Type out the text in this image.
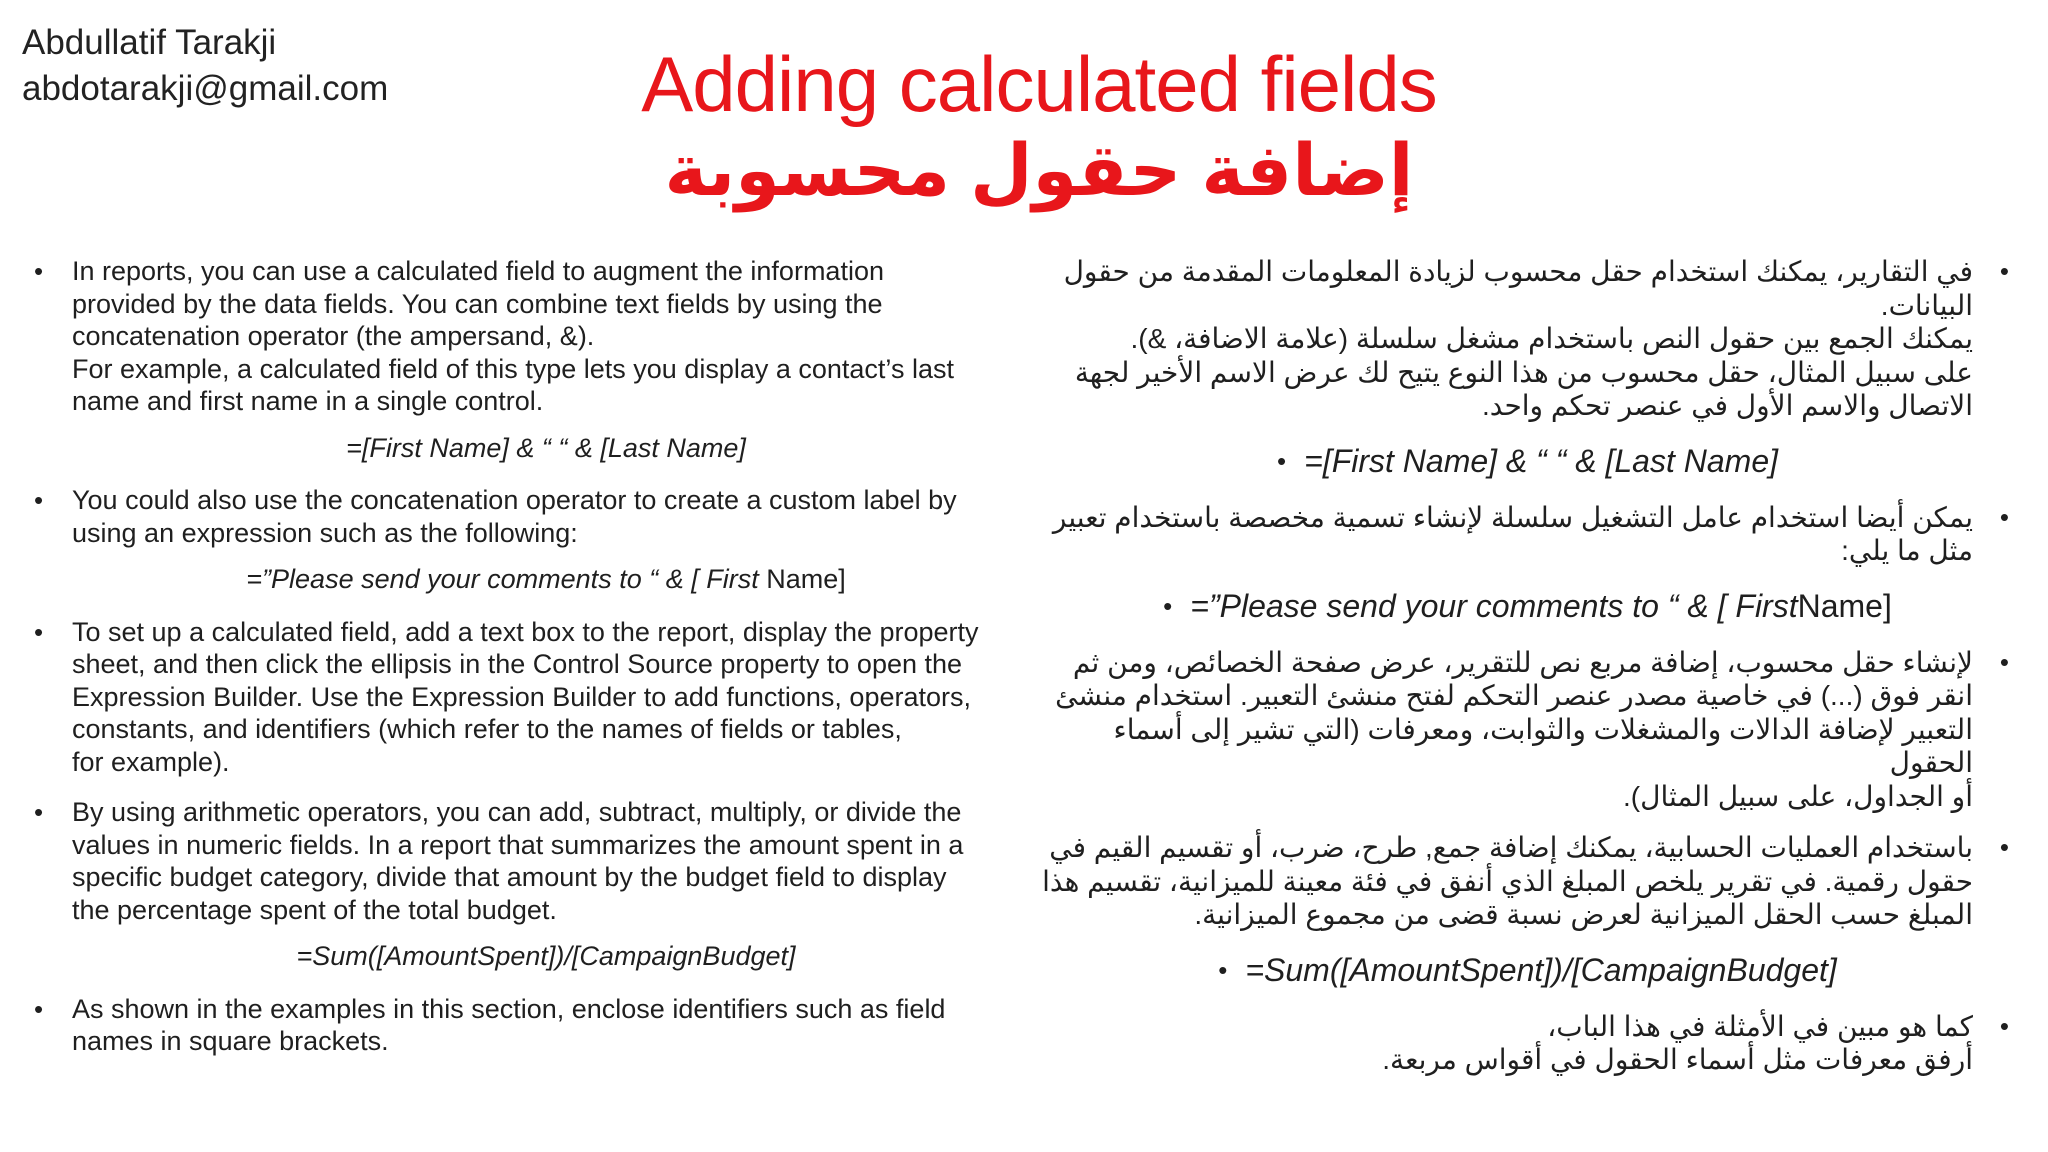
Abdullatif Tarakji
abdotarakji@gmail.com	Adding calculated fields
إضافة حقول محسوبة
•	In reports, you can use a calculated field to augment the information
provided by the data fields. You can combine text fields by using the
concatenation operator (the ampersand, &).
For example, a calculated field of this type lets you display a contact’s last
name and first name in a single control.
=[First Name] & “ “ & [Last Name]
•	You could also use the concatenation operator to create a custom label by
using an expression such as the following:
=”Please send your comments to “ & [ First Name]
•	To set up a calculated field, add a text box to the report, display the property
sheet, and then click the ellipsis in the Control Source property to open the
Expression Builder. Use the Expression Builder to add functions, operators,
constants, and identifiers (which refer to the names of fields or tables,
for example).
•	By using arithmetic operators, you can add, subtract, multiply, or divide the
values in numeric fields. In a report that summarizes the amount spent in a
specific budget category, divide that amount by the budget field to display
the percentage spent of the total budget.
=Sum([AmountSpent])/[CampaignBudget]
•	As shown in the examples in this section, enclose identifiers such as field
names in square brackets.
•
في التقارير، يمكنك استخدام حقل محسوب لزيادة المعلومات المقدمة من حقول البيانات.
يمكنك الجمع بين حقول النص باستخدام مشغل سلسلة (علامة الاضافة، &).
على سبيل المثال، حقل محسوب من هذا النوع يتيح لك عرض الاسم الأخير لجهة
الاتصال والاسم الأول في عنصر تحكم واحد.
• =[First Name] & “ “ & [Last Name]
•
يمكن أيضا استخدام عامل التشغيل سلسلة لإنشاء تسمية مخصصة باستخدام تعبير
مثل ما يلي:
• =”Please send your comments to “ & [ First Name]
•
لإنشاء حقل محسوب، إضافة مربع نص للتقرير، عرض صفحة الخصائص، ومن ثم
انقر فوق (...) في خاصية مصدر عنصر التحكم لفتح منشئ التعبير. استخدام منشئ
التعبير لإضافة الدالات والمشغلات والثوابت، ومعرفات (التي تشير إلى أسماء الحقول
أو الجداول، على سبيل المثال).
•
باستخدام العمليات الحسابية، يمكنك إضافة جمع, طرح، ضرب، أو تقسيم القيم في
حقول رقمية. في تقرير يلخص المبلغ الذي أنفق في فئة معينة للميزانية، تقسيم هذا
المبلغ حسب الحقل الميزانية لعرض نسبة قضى من مجموع الميزانية.
• =Sum([AmountSpent])/[CampaignBudget]
•
كما هو مبين في الأمثلة في هذا الباب،
أرفق معرفات مثل أسماء الحقول في أقواس مربعة.
